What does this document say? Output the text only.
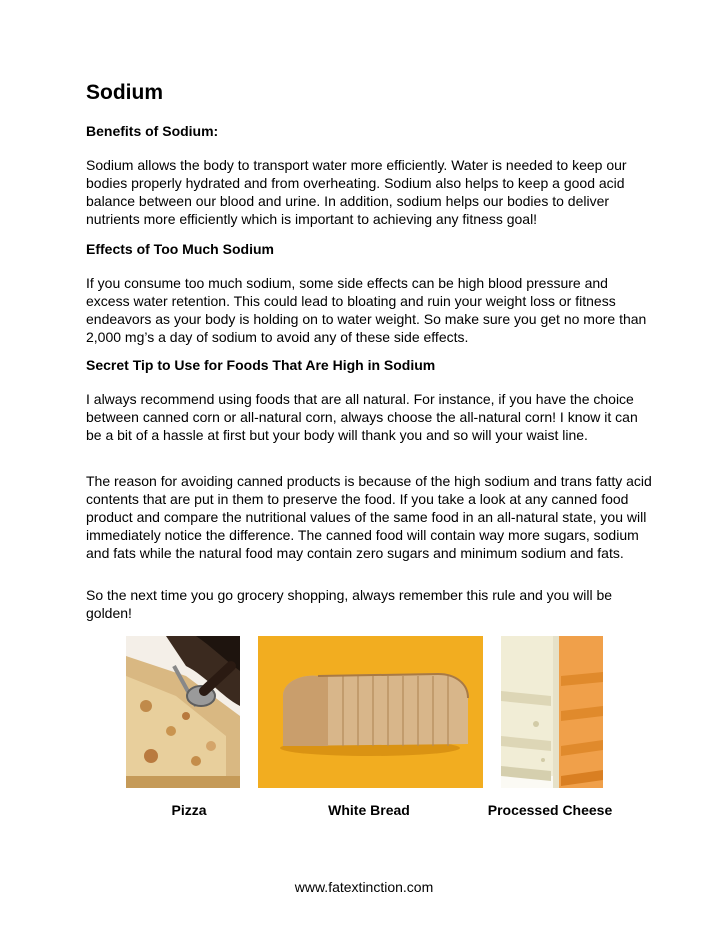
Sodium
Benefits of Sodium:
Sodium allows the body to transport water more efficiently. Water is needed to keep our bodies properly hydrated and from overheating. Sodium also helps to keep a good acid balance between our blood and urine. In addition, sodium helps our bodies to deliver nutrients more efficiently which is important to achieving any fitness goal!
Effects of Too Much Sodium
If you consume too much sodium, some side effects can be high blood pressure and excess water retention. This could lead to bloating and ruin your weight loss or fitness endeavors as your body is holding on to water weight. So make sure you get no more than 2,000 mg’s a day of sodium to avoid any of these side effects.
Secret Tip to Use for Foods That Are High in Sodium
I always recommend using foods that are all natural. For instance, if you have the choice between canned corn or all-natural corn, always choose the all-natural corn! I know it can be a bit of a hassle at first but your body will thank you and so will your waist line.
The reason for avoiding canned products is because of the high sodium and trans fatty acid contents that are put in them to preserve the food. If you take a look at any canned food product and compare the nutritional values of the same food in an all-natural state, you will immediately notice the difference. The canned food will contain way more sugars, sodium and fats while the natural food may contain zero sugars and minimum sodium and fats.
So the next time you go grocery shopping, always remember this rule and you will be golden!
Pizza	White Bread	Processed Cheese
www.fatextinction.com
